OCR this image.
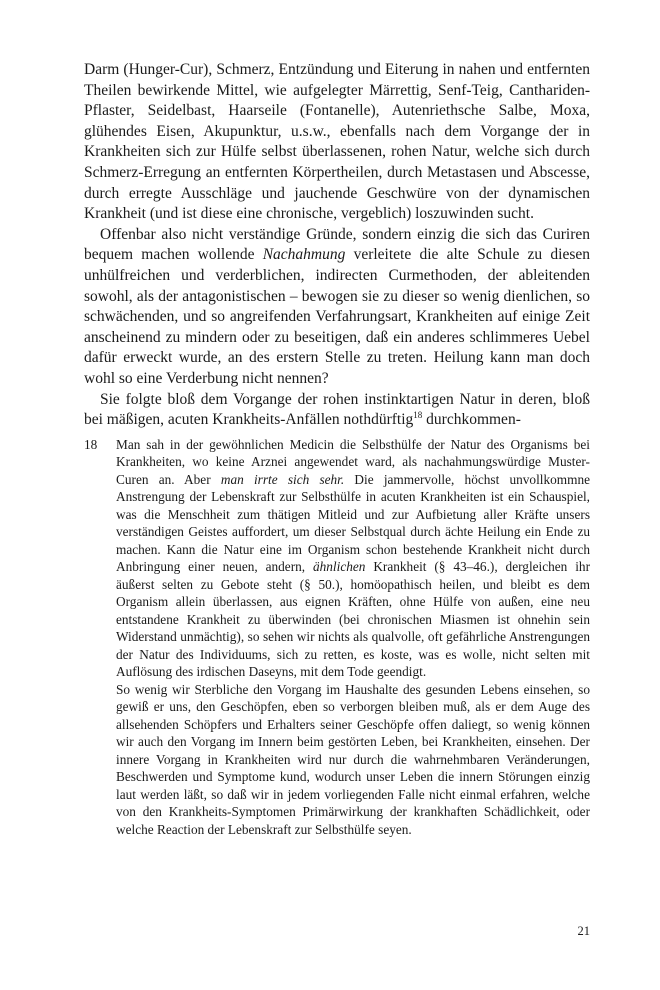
Darm (Hunger-Cur), Schmerz, Entzündung und Eiterung in nahen und entfernten Theilen bewirkende Mittel, wie aufgelegter Märrettig, Senf-Teig, Canthariden-Pflaster, Seidelbast, Haarseile (Fontanelle), Autenriethsche Salbe, Moxa, glühendes Eisen, Akupunktur, u.s.w., ebenfalls nach dem Vorgange der in Krankheiten sich zur Hülfe selbst überlassenen, rohen Natur, welche sich durch Schmerz-Erregung an entfernten Körpertheilen, durch Metastasen und Abscesse, durch erregte Ausschläge und jauchende Geschwüre von der dynamischen Krankheit (und ist diese eine chronische, vergeblich) loszuwinden sucht.

Offenbar also nicht verständige Gründe, sondern einzig die sich das Curiren bequem machen wollende Nachahmung verleitete die alte Schule zu diesen unhülfreichen und verderblichen, indirecten Curmethoden, der ableitenden sowohl, als der antagonistischen – bewogen sie zu dieser so wenig dienlichen, so schwächenden, und so angreifenden Verfahrungsart, Krankheiten auf einige Zeit anscheinend zu mindern oder zu beseitigen, daß ein anderes schlimmeres Uebel dafür erweckt wurde, an des erstern Stelle zu treten. Heilung kann man doch wohl so eine Verderbung nicht nennen?

Sie folgte bloß dem Vorgange der rohen instinktartigen Natur in deren, bloß bei mäßigen, acuten Krankheits-Anfällen nothdürftig$^{18}$ durchkommen-

18 Man sah in der gewöhnlichen Medicin die Selbsthülfe der Natur des Organisms bei Krankheiten, wo keine Arznei angewendet ward, als nachahmungswürdige Muster-Curen an. Aber man irrte sich sehr. Die jammervolle, höchst unvollkommne Anstrengung der Lebenskraft zur Selbsthülfe in acuten Krankheiten ist ein Schauspiel, was die Menschheit zum thätigen Mitleid und zur Aufbietung aller Kräfte unsers verständigen Geistes auffordert, um dieser Selbstqual durch ächte Heilung ein Ende zu machen. Kann die Natur eine im Organism schon bestehende Krankheit nicht durch Anbringung einer neuen, andern, ähnlichen Krankheit (§ 43–46.), dergleichen ihr äußerst selten zu Gebote steht (§ 50.), homöopathisch heilen, und bleibt es dem Organism allein überlassen, aus eignen Kräften, ohne Hülfe von außen, eine neu entstandene Krankheit zu überwinden (bei chronischen Miasmen ist ohnehin sein Widerstand unmächtig), so sehen wir nichts als qualvolle, oft gefährliche Anstrengungen der Natur des Individuums, sich zu retten, es koste, was es wolle, nicht selten mit Auflösung des irdischen Daseyns, mit dem Tode geendigt.

So wenig wir Sterbliche den Vorgang im Haushalte des gesunden Lebens einsehen, so gewiß er uns, den Geschöpfen, eben so verborgen bleiben muß, als er dem Auge des allsehenden Schöpfers und Erhalters seiner Geschöpfe offen daliegt, so wenig können wir auch den Vorgang im Innern beim gestörten Leben, bei Krankheiten, einsehen. Der innere Vorgang in Krankheiten wird nur durch die wahrnehmbaren Veränderungen, Beschwerden und Symptome kund, wodurch unser Leben die innern Störungen einzig laut werden läßt, so daß wir in jedem vorliegenden Falle nicht einmal erfahren, welche von den Krankheits-Symptomen Primärwirkung der krankhaften Schädlichkeit, oder welche Reaction der Lebenskraft zur Selbsthülfe seyen.

21
